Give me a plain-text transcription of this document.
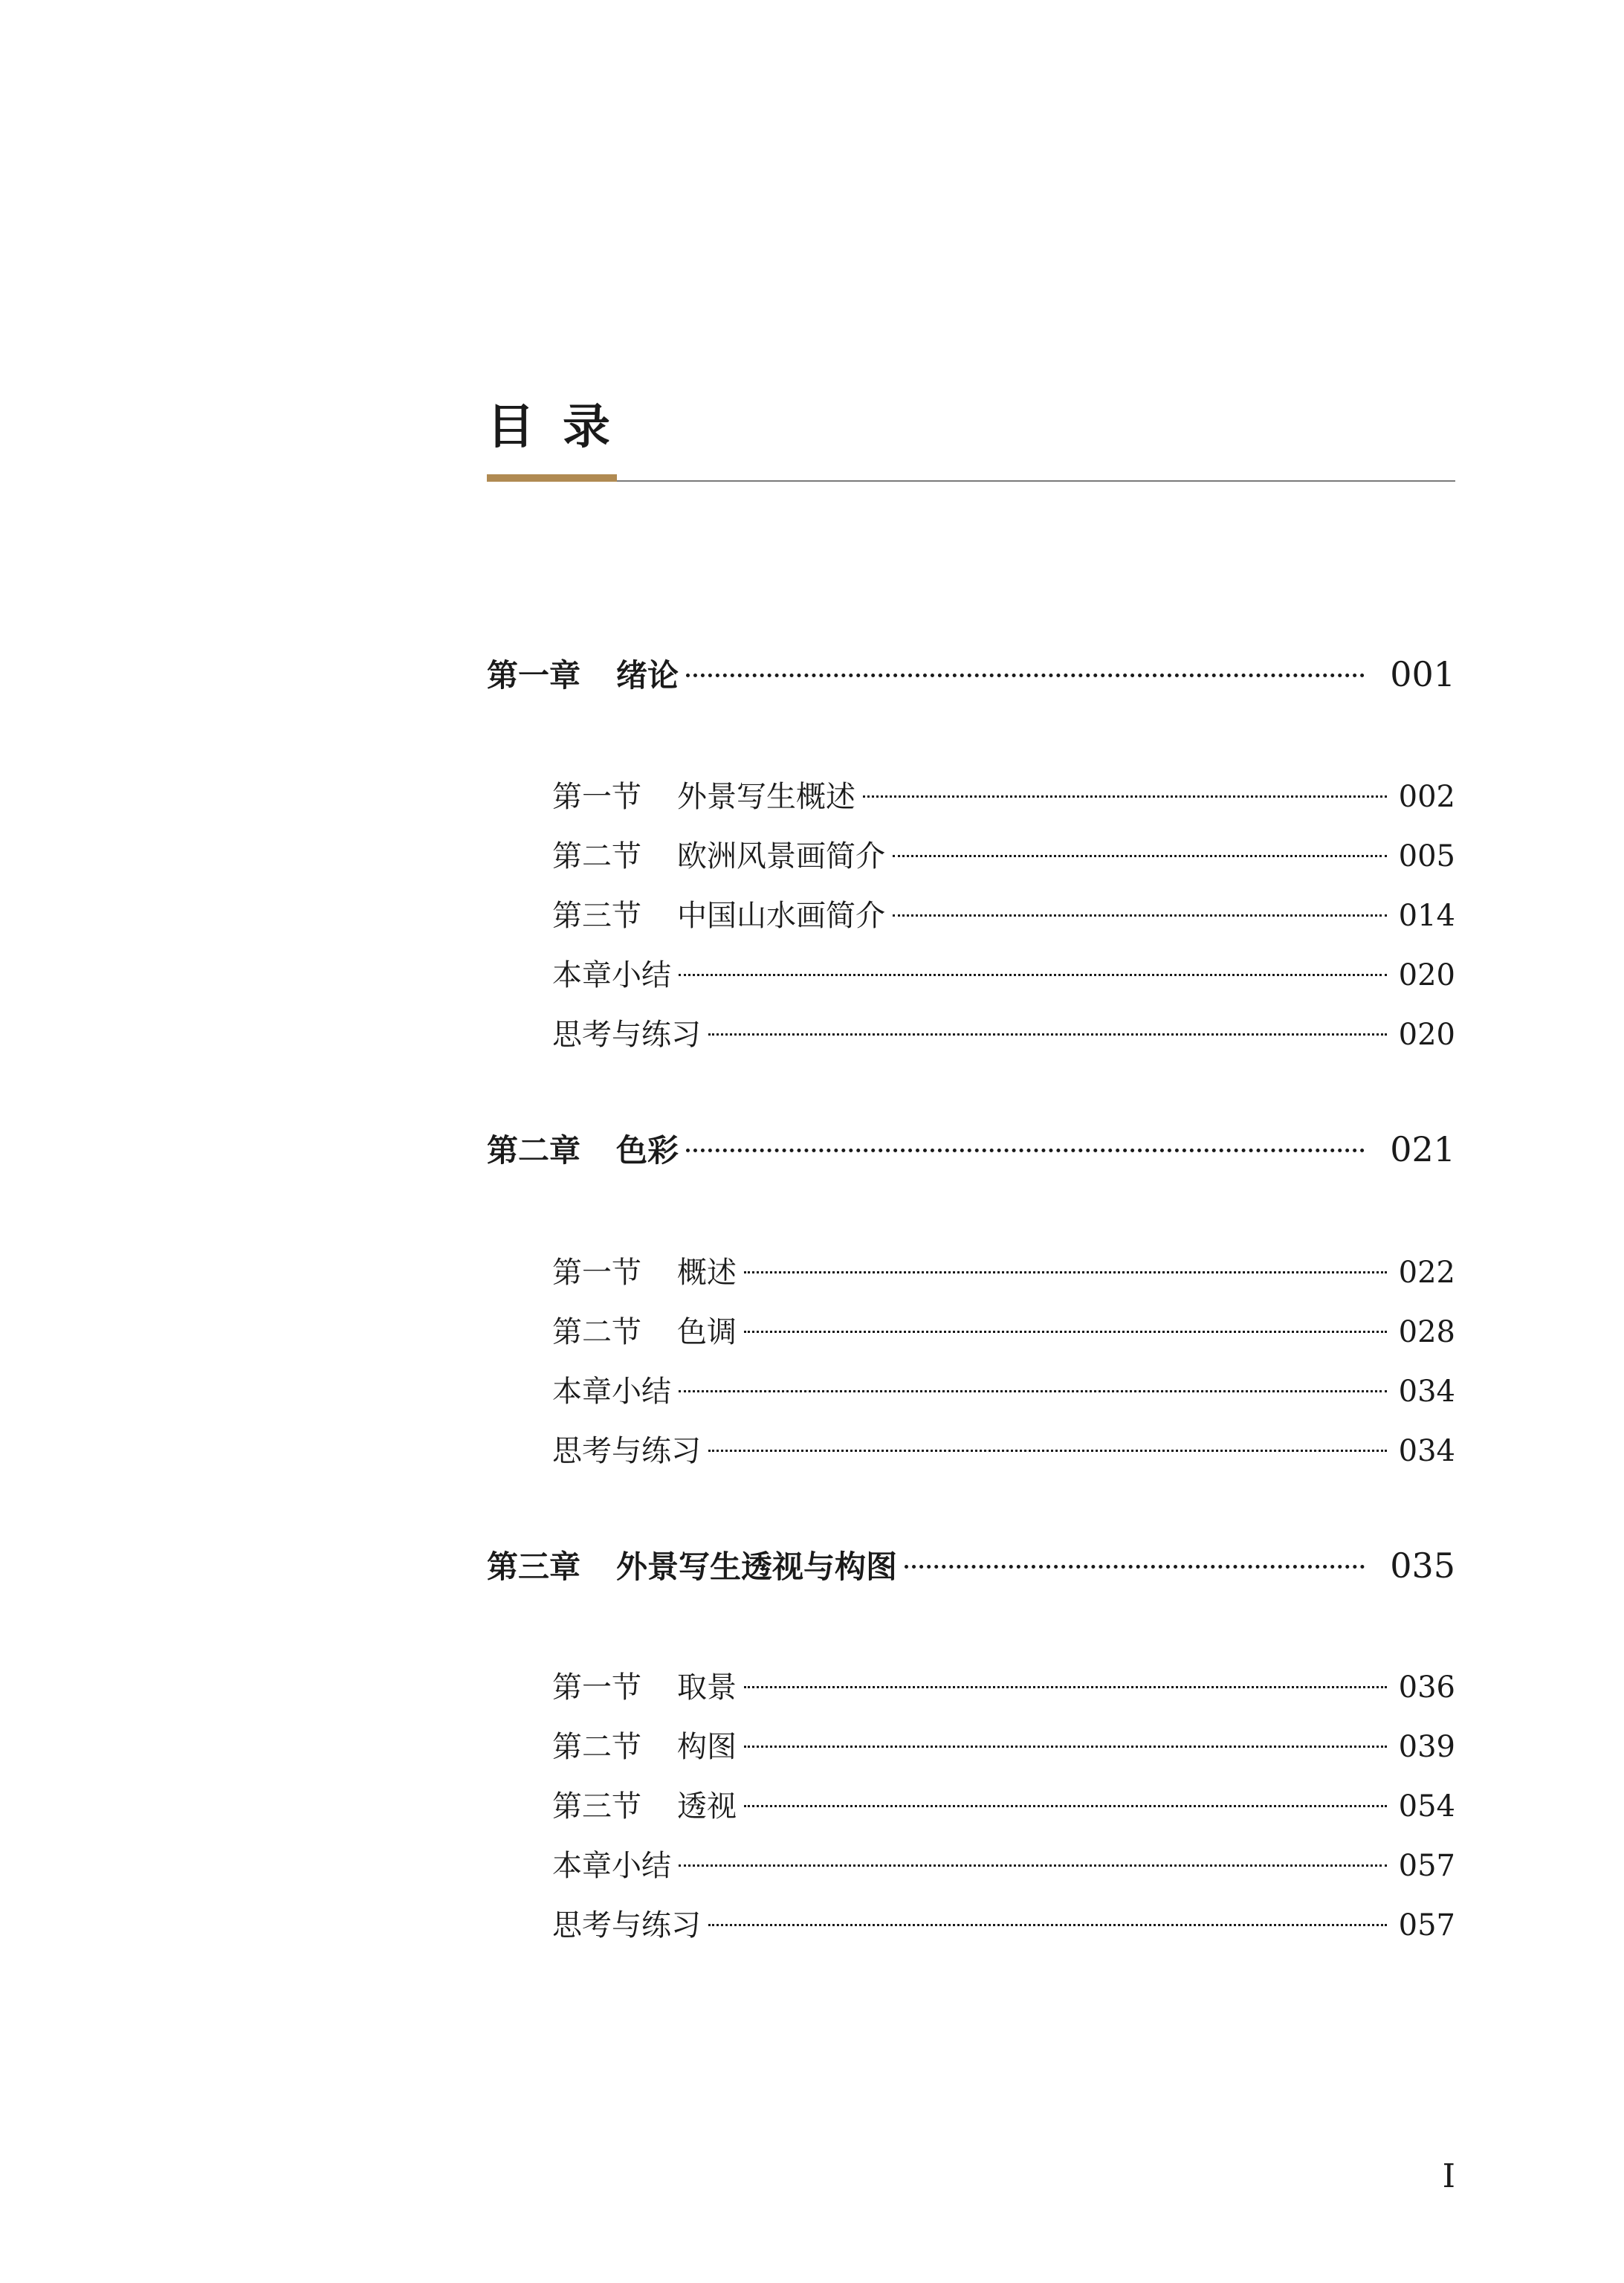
目录
第一章 绪论	001
第一节 外景写生概述	002
第二节 欧洲风景画简介	005
第三节 中国山水画简介	014
本章小结	020
思考与练习	020
第二章 色彩	021
第一节 概述	022
第二节 色调	028
本章小结	034
思考与练习	034
第三章 外景写生透视与构图	035
第一节 取景	036
第二节 构图	039
第三节 透视	054
本章小结	057
思考与练习	057
I
